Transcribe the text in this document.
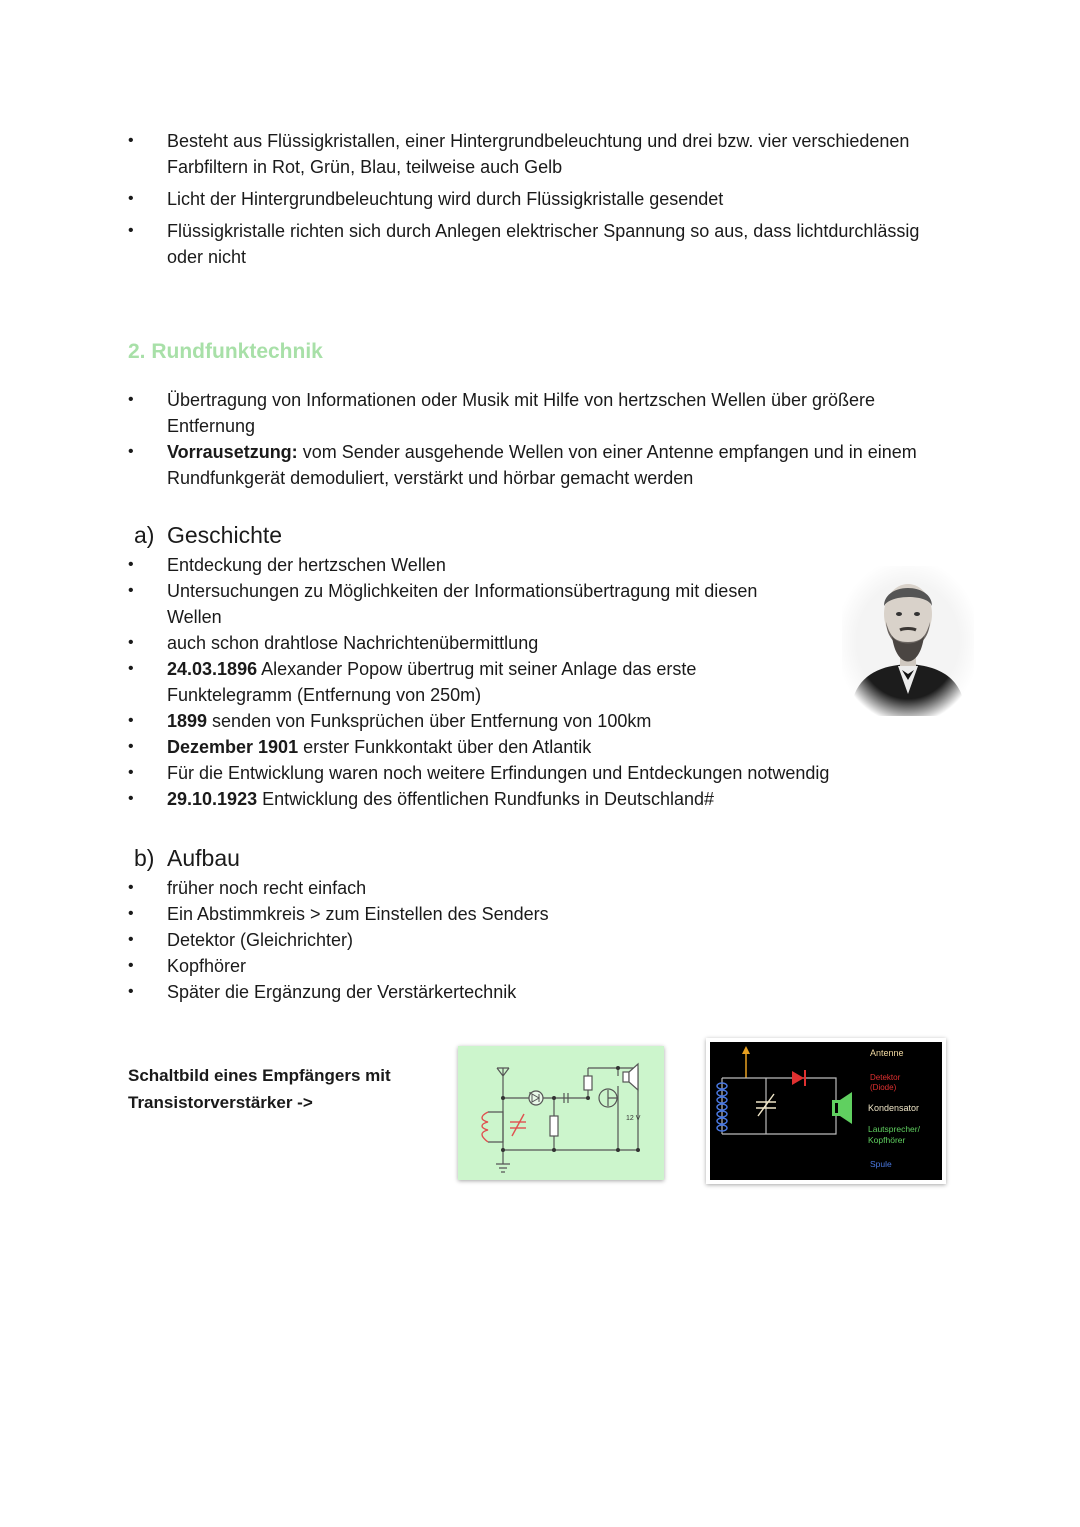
• Besteht aus Flüssigkristallen, einer Hintergrundbeleuchtung und drei bzw. vier verschiedenen Farbfiltern in Rot, Grün, Blau, teilweise auch Gelb
• Licht der Hintergrundbeleuchtung wird durch Flüssigkristalle gesendet
• Flüssigkristalle richten sich durch Anlegen elektrischer Spannung so aus, dass lichtdurchlässig oder nicht
2. Rundfunktechnik
• Übertragung von Informationen oder Musik mit Hilfe von hertzschen Wellen über größere Entfernung
• Vorrausetzung: vom Sender ausgehende Wellen von einer Antenne empfangen und in einem Rundfunkgerät demoduliert, verstärkt und hörbar gemacht werden
a) Geschichte
• Entdeckung der hertzschen Wellen
• Untersuchungen zu Möglichkeiten der Informationsübertragung mit diesen Wellen
• auch schon drahtlose Nachrichtenübermittlung
• 24.03.1896 Alexander Popow übertrug mit seiner Anlage das erste Funktelegramm (Entfernung von 250m)
• 1899 senden von Funksprüchen über Entfernung von 100km
• Dezember 1901 erster Funkkontakt über den Atlantik
• Für die Entwicklung waren noch weitere Erfindungen und Entdeckungen notwendig
• 29.10.1923 Entwicklung des öffentlichen Rundfunks in Deutschland#
b) Aufbau
• früher noch recht einfach
• Ein Abstimmkreis > zum Einstellen des Senders
• Detektor (Gleichrichter)
• Kopfhörer
• Später die Ergänzung der Verstärkertechnik
Schaltbild eines Empfängers mit
Transistorverstärker ->
12 V
Antenne
Detektor
(Diode)
Kondensator
Lautsprecher/
Kopfhörer
Spule
